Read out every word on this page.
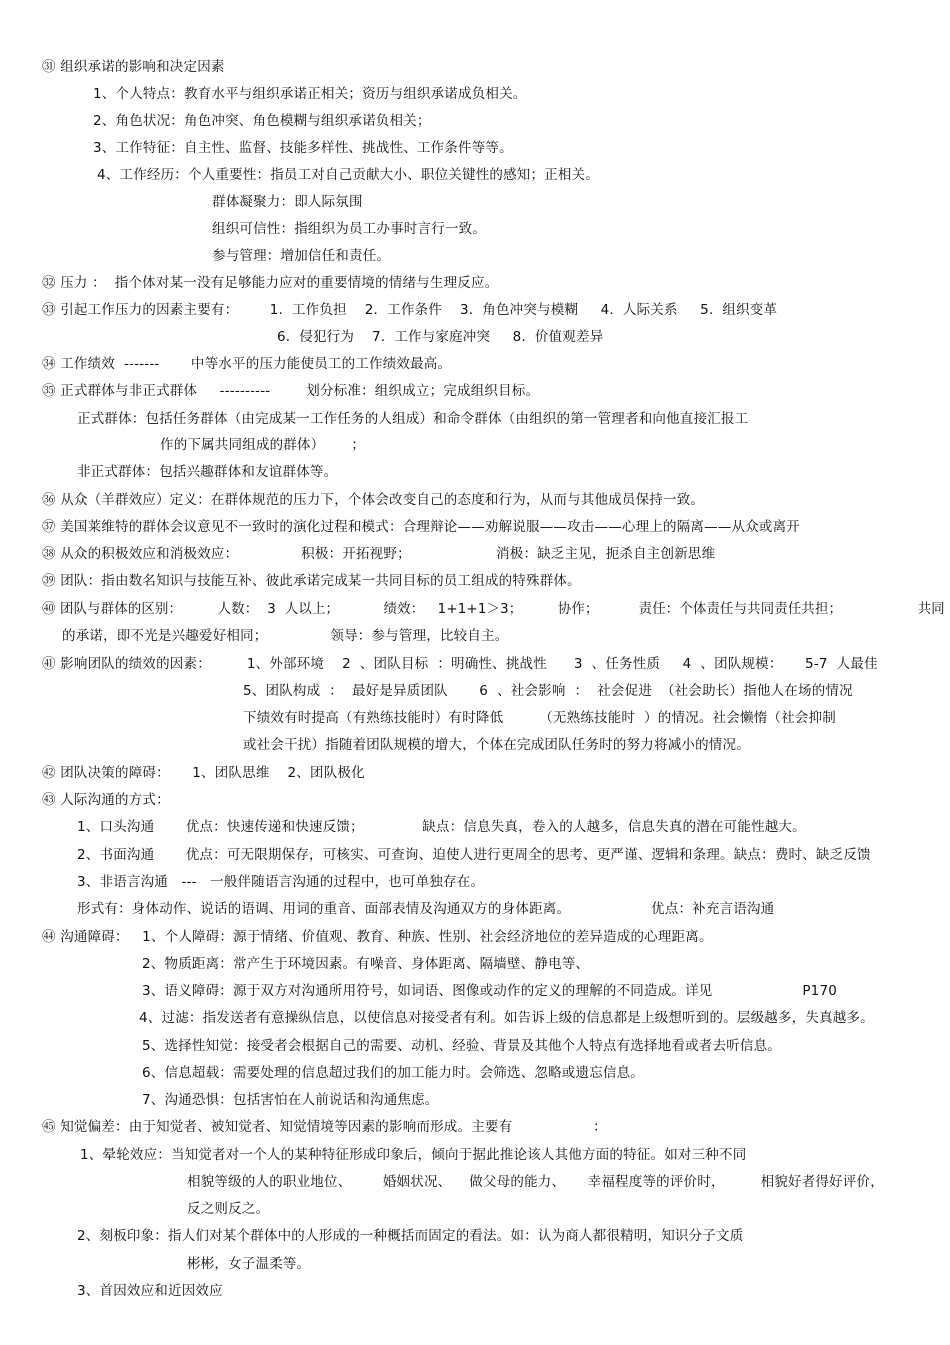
㉛ 组织承诺的影响和决定因素
1、个人特点：教育水平与组织承诺正相关；资历与组织承诺成负相关。
2、角色状况：角色冲突、角色模糊与组织承诺负相关；
3、工作特征：自主性、监督、技能多样性、挑战性、工作条件等等。
4、工作经历：个人重要性：指员工对自己贡献大小、职位关键性的感知；正相关。
群体凝聚力：即人际氛围
组织可信性：指组织为员工办事时言行一致。
参与管理：增加信任和责任。
㉜ 压力 ：  指个体对某一没有足够能力应对的重要情境的情绪与生理反应。
㉝ 引起工作压力的因素主要有：       1.  工作负担    2．工作条件    3.  角色冲突与模糊     4.  人际关系     5.  组织变革
6.  侵犯行为    7.  工作与家庭冲突     8.  价值观差异
㉞ 工作绩效  -------       中等水平的压力能使员工的工作绩效最高。
㉟ 正式群体与非正式群体     ----------        划分标准：组织成立；完成组织目标。
正式群体：包括任务群体（由完成某一工作任务的人组成）和命令群体（由组织的第一管理者和向他直接汇报工
作的下属共同组成的群体）      ；
非正式群体：包括兴趣群体和友谊群体等。
㊱ 从众（羊群效应）定义：在群体规范的压力下，个体会改变自己的态度和行为，从而与其他成员保持一致。
㊲ 美国莱维特的群体会议意见不一致时的演化过程和模式：合理辩论——劝解说服——攻击——心理上的隔离——从众或离开
㊳ 从众的积极效应和消极效应：              积极：开拓视野；                   消极：缺乏主见，扼杀自主创新思维
㊴ 团队：指由数名知识与技能互补、彼此承诺完成某一共同目标的员工组成的特殊群体。
㊵ 团队与群体的区别：        人数：  3  人以上；          绩效：   1+1+1＞3；        协作；         责任：个体责任与共同责任共担；                 共同
的承诺，即不光是兴趣爱好相同；              领导：参与管理，比较自主。
㊶ 影响团队的绩效的因素：        1、外部环境    2  、团队目标  ：明确性、挑战性      3  、任务性质     4  、团队规模：     5-7  人最佳
5、团队构成  ：  最好是异质团队       6  、社会影响  ：  社会促进  （社会助长）指他人在场的情况
下绩效有时提高（有熟练技能时）有时降低        （无熟练技能时  ）的情况。社会懒惰（社会抑制
或社会干扰）指随着团队规模的增大，个体在完成团队任务时的努力将减小的情况。
㊷ 团队决策的障碍：     1、团队思维    2、团队极化
㊸ 人际沟通的方式：
1、口头沟通       优点：快速传递和快速反馈；             缺点：信息失真，卷入的人越多，信息失真的潜在可能性越大。
2、书面沟通       优点：可无限期保存，可核实、可查询、迫使人进行更周全的思考、更严谨、逻辑和条理。缺点：费时、缺乏反馈
3、非语言沟通   ---   一般伴随语言沟通的过程中，也可单独存在。
形式有：身体动作、说话的语调、用词的重音、面部表情及沟通双方的身体距离。                  优点：补充言语沟通
㊹ 沟通障碍：   1、个人障碍：源于情绪、价值观、教育、种族、性别、社会经济地位的差异造成的心理距离。
2、物质距离：常产生于环境因素。有噪音、身体距离、隔墙壁、静电等、
3、语义障碍：源于双方对沟通所用符号，如词语、图像或动作的定义的理解的不同造成。详见                    P170
4、过滤：指发送者有意操纵信息，以使信息对接受者有利。如告诉上级的信息都是上级想听到的。层级越多，失真越多。
5、选择性知觉：接受者会根据自己的需要、动机、经验、背景及其他个人特点有选择地看或者去听信息。
6、信息超载：需要处理的信息超过我们的加工能力时。会筛选、忽略或遗忘信息。
7、沟通恐惧：包括害怕在人前说话和沟通焦虑。
㊺ 知觉偏差：由于知觉者、被知觉者、知觉情境等因素的影响而形成。主要有                  ：
1、晕轮效应：当知觉者对一个人的某种特征形成印象后，倾向于据此推论该人其他方面的特征。如对三种不同
相貌等级的人的职业地位、       婚姻状况、    做父母的能力、     幸福程度等的评价时，        相貌好者得好评价，
反之则反之。
2、刻板印象：指人们对某个群体中的人形成的一种概括而固定的看法。如：认为商人都很精明，知识分子文质
彬彬，女子温柔等。
3、首因效应和近因效应
